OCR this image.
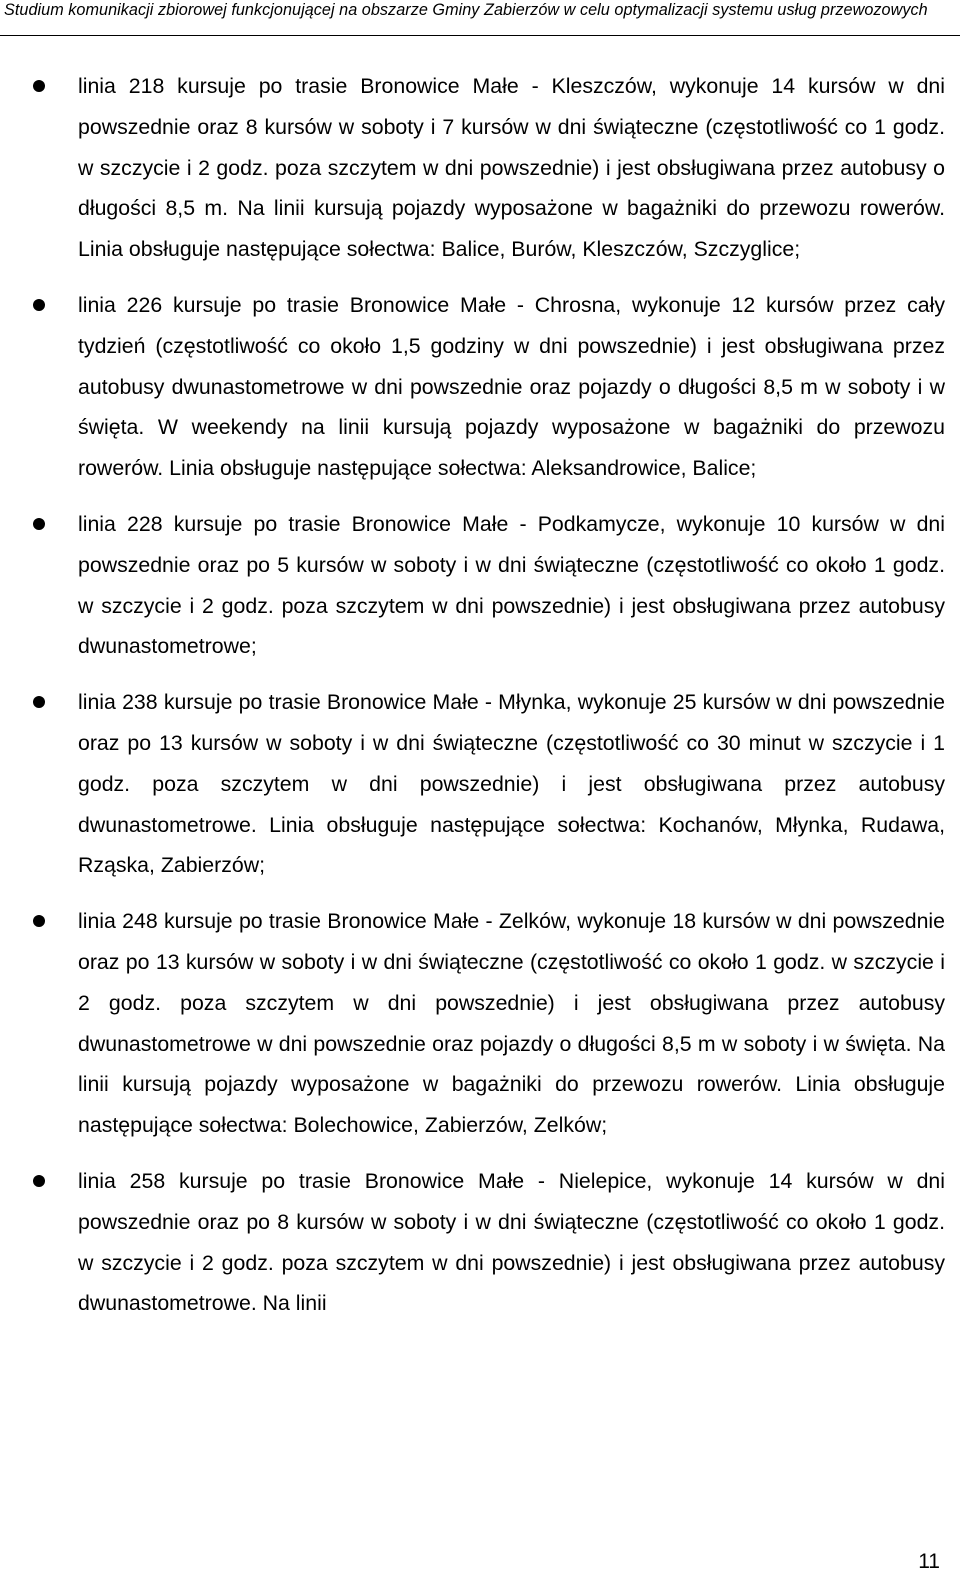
Studium komunikacji zbiorowej funkcjonującej na obszarze Gminy Zabierzów w celu optymalizacji systemu usług przewozowych
linia 218 kursuje po trasie Bronowice Małe - Kleszczów, wykonuje 14 kursów w dni powszednie oraz 8 kursów w soboty i 7 kursów w dni świąteczne (częstotliwość co 1 godz. w szczycie i 2 godz. poza szczytem w dni powszednie) i jest obsługiwana przez autobusy o długości 8,5 m. Na linii kursują pojazdy wyposażone w bagażniki do przewozu rowerów. Linia obsługuje następujące sołectwa: Balice, Burów, Kleszczów, Szczyglice;
linia 226 kursuje po trasie Bronowice Małe - Chrosna, wykonuje 12 kursów przez cały tydzień (częstotliwość co około 1,5 godziny w dni powszednie) i jest obsługiwana przez autobusy dwunastometrowe w dni powszednie oraz pojazdy o długości 8,5 m w soboty i w święta. W weekendy na linii kursują pojazdy wyposażone w bagażniki do przewozu rowerów. Linia obsługuje następujące sołectwa: Aleksandrowice, Balice;
linia 228 kursuje po trasie Bronowice Małe - Podkamycze, wykonuje 10 kursów w dni powszednie oraz po 5 kursów w soboty i w dni świąteczne (częstotliwość co około 1 godz. w szczycie i 2 godz. poza szczytem w dni powszednie) i jest obsługiwana przez autobusy dwunastometrowe;
linia 238 kursuje po trasie Bronowice Małe - Młynka, wykonuje 25 kursów w dni powszednie oraz po 13 kursów w soboty i w dni świąteczne (częstotliwość co 30 minut w szczycie i 1 godz. poza szczytem w dni powszednie) i jest obsługiwana przez autobusy dwunastometrowe. Linia obsługuje następujące sołectwa: Kochanów, Młynka, Rudawa, Rząska, Zabierzów;
linia 248 kursuje po trasie Bronowice Małe - Zelków, wykonuje 18 kursów w dni powszednie oraz po 13 kursów w soboty i w dni świąteczne (częstotliwość co około 1 godz. w szczycie i 2 godz. poza szczytem w dni powszednie) i jest obsługiwana przez autobusy dwunastometrowe w dni powszednie oraz pojazdy o długości 8,5 m w soboty i w święta. Na linii kursują pojazdy wyposażone w bagażniki do przewozu rowerów. Linia obsługuje następujące sołectwa: Bolechowice, Zabierzów, Zelków;
linia 258 kursuje po trasie Bronowice Małe - Nielepice, wykonuje 14 kursów w dni powszednie oraz po 8 kursów w soboty i w dni świąteczne (częstotliwość co około 1 godz. w szczycie i 2 godz. poza szczytem w dni powszednie) i jest obsługiwana przez autobusy dwunastometrowe. Na linii
11
